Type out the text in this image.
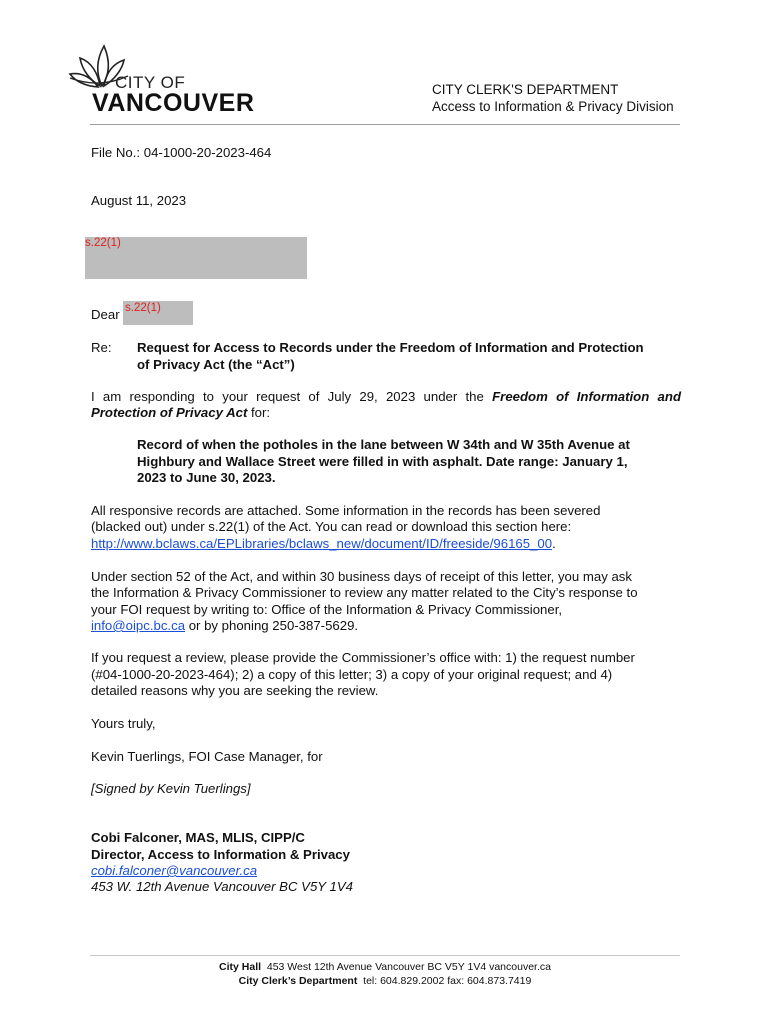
CITY OF
VANCOUVER	CITY CLERK'S DEPARTMENT
Access to Information & Privacy Division
File No.: 04-1000-20-2023-464
August 11, 2023
s.22(1)
Dear s.22(1)
Re: Request for Access to Records under the Freedom of Information and Protection
of Privacy Act (the “Act”)
I am responding to your request of July 29, 2023 under the Freedom of Information and
Protection of Privacy Act for:
Record of when the potholes in the lane between W 34th and W 35th Avenue at
Highbury and Wallace Street were filled in with asphalt. Date range: January 1,
2023 to June 30, 2023.
All responsive records are attached. Some information in the records has been severed
(blacked out) under s.22(1) of the Act. You can read or download this section here:
http://www.bclaws.ca/EPLibraries/bclaws_new/document/ID/freeside/96165_00.
Under section 52 of the Act, and within 30 business days of receipt of this letter, you may ask
the Information & Privacy Commissioner to review any matter related to the City’s response to
your FOI request by writing to: Office of the Information & Privacy Commissioner,
info@oipc.bc.ca or by phoning 250-387-5629.
If you request a review, please provide the Commissioner’s office with: 1) the request number
(#04-1000-20-2023-464); 2) a copy of this letter; 3) a copy of your original request; and 4)
detailed reasons why you are seeking the review.
Yours truly,
Kevin Tuerlings, FOI Case Manager, for
[Signed by Kevin Tuerlings]
Cobi Falconer, MAS, MLIS, CIPP/C
Director, Access to Information & Privacy
cobi.falconer@vancouver.ca
453 W. 12th Avenue Vancouver BC V5Y 1V4
City Hall 453 West 12th Avenue Vancouver BC V5Y 1V4 vancouver.ca
City Clerk’s Department tel: 604.829.2002 fax: 604.873.7419
